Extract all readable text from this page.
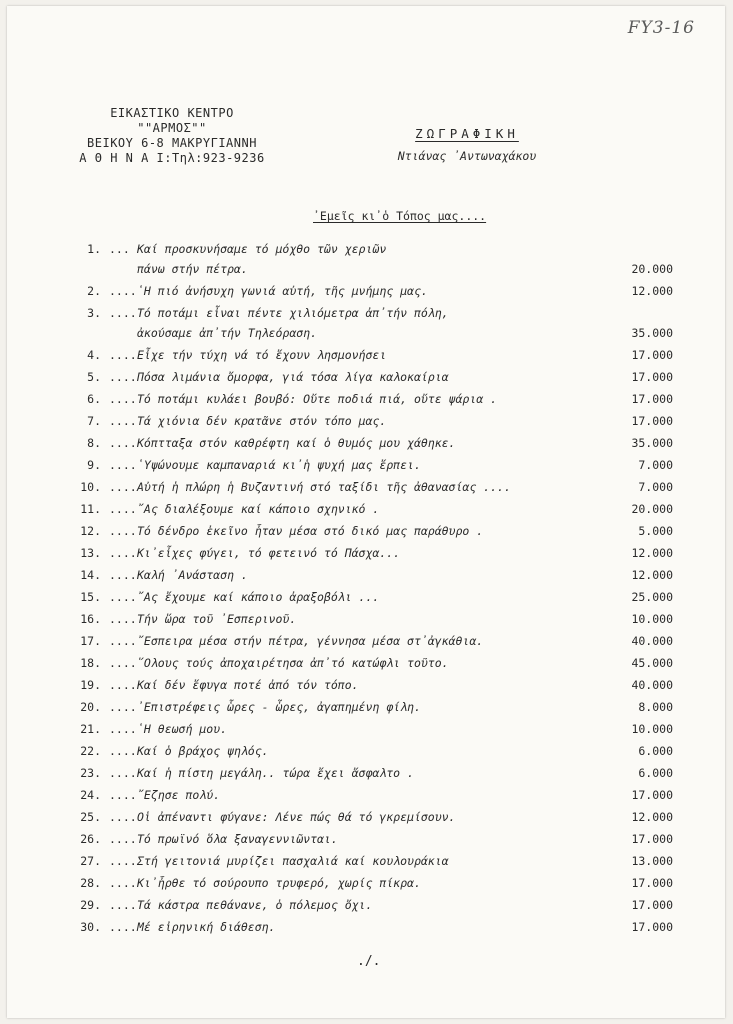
FY3-16
ΕΙΚΑΣΤΙΚΟ ΚΕΝΤΡΟ
""ΑΡΜΟΣ""
ΒΕΙΚΟΥ 6-8 ΜΑΚΡΥΓΙΑΝΝΗ
Α Θ Η Ν Α Ι:Τηλ:923-9236
ΖΩΓΡΑΦΙΚΗ
Ντιάνας ᾿Αντωναχάκου
᾿Εμεῖς κι᾿ὁ Τόπος μας....
1. ... Καί προσκυνήσαμε τό μόχθο τῶν χεριῶν
πάνω στήν πέτρα.	20.000
2. .... ῾Η πιό ἀνήσυχη γωνιά αὐτή, τῆς μνήμης μας.	12.000
3. .... Τό ποτάμι εἶναι πέντε χιλιόμετρα ἀπ᾿τήν πόλη,
ἀκούσαμε ἀπ᾿τήν Τηλεόραση.	35.000
4. .... Εἶχε τήν τύχη νά τό ἔχουν λησμονήσει	17.000
5. .... Πόσα λιμάνια ὄμορφα, γιά τόσα λίγα καλοκαίρια	17.000
6. .... Τό ποτάμι κυλάει βουβό: Οὔτε ποδιά πιά, οὔτε ψάρια .	17.000
7. .... Τά χιόνια δέν κρατᾶνε στόν τόπο μας.	17.000
8. .... Κόπτταξα στόν καθρέφτη καί ὁ θυμός μου χάθηκε.	35.000
9. .... ῾Υψώνουμε καμπαναριά κι᾿ἡ ψυχή μας ἔρπει.	7.000
10. .... Αὐτή ἡ πλώρη ἡ Βυζαντινή στό ταξίδι τῆς ἀθανασίας ....	7.000
11. .... ῎Ας διαλέξουμε καί κάποιο σχηνικό .	20.000
12. .... Τό δένδρο ἐκεῖνο ἦταν μέσα στό δικό μας παράθυρο .	5.000
13. .... Κι᾿εἶχες φύγει, τό φετεινό τό Πάσχα...	12.000
14. .... Καλή ᾿Ανάσταση .	12.000
15. .... ῎Ας ἔχουμε καί κάποιο ἀραξοβόλι ...	25.000
16. .... Τήν ὥρα τοῦ ᾿Εσπερινοῦ.	10.000
17. .... ῎Εσπειρα μέσα στήν πέτρα, γέννησα μέσα στ᾿ἀγκάθια.	40.000
18. .... ῞Ολους τούς ἀποχαιρέτησα ἀπ᾿τό κατώφλι τοῦτο.	45.000
19. .... Καί δέν ἔφυγα ποτέ ἀπό τόν τόπο.	40.000
20. .... ᾿Επιστρέφεις ὧρες - ὧρες, ἀγαπημένη φίλη.	8.000
21. .... ῾Η θεωσή μου.	10.000
22. .... Καί ὁ βράχος ψηλός.	6.000
23. .... Καί ἡ πίστη μεγάλη.. τώρα ἔχει ἄσφαλτο .	6.000
24. .... ῎Εζησε πολύ.	17.000
25. .... Οἱ ἀπέναντι φύγανε: Λένε πώς θά τό γκρεμίσουν.	12.000
26. .... Τό πρωϊνό ὅλα ξαναγεννιῶνται.	17.000
27. .... Στή γειτονιά μυρίζει πασχαλιά καί κουλουράκια	13.000
28. .... Κι᾿ἦρθε τό σούρουπο τρυφερό, χωρίς πίκρα.	17.000
29. .... Τά κάστρα πεθάνανε, ὁ πόλεμος ὄχι.	17.000
30. .... Μέ εἰρηνική διάθεση.	17.000
./.
